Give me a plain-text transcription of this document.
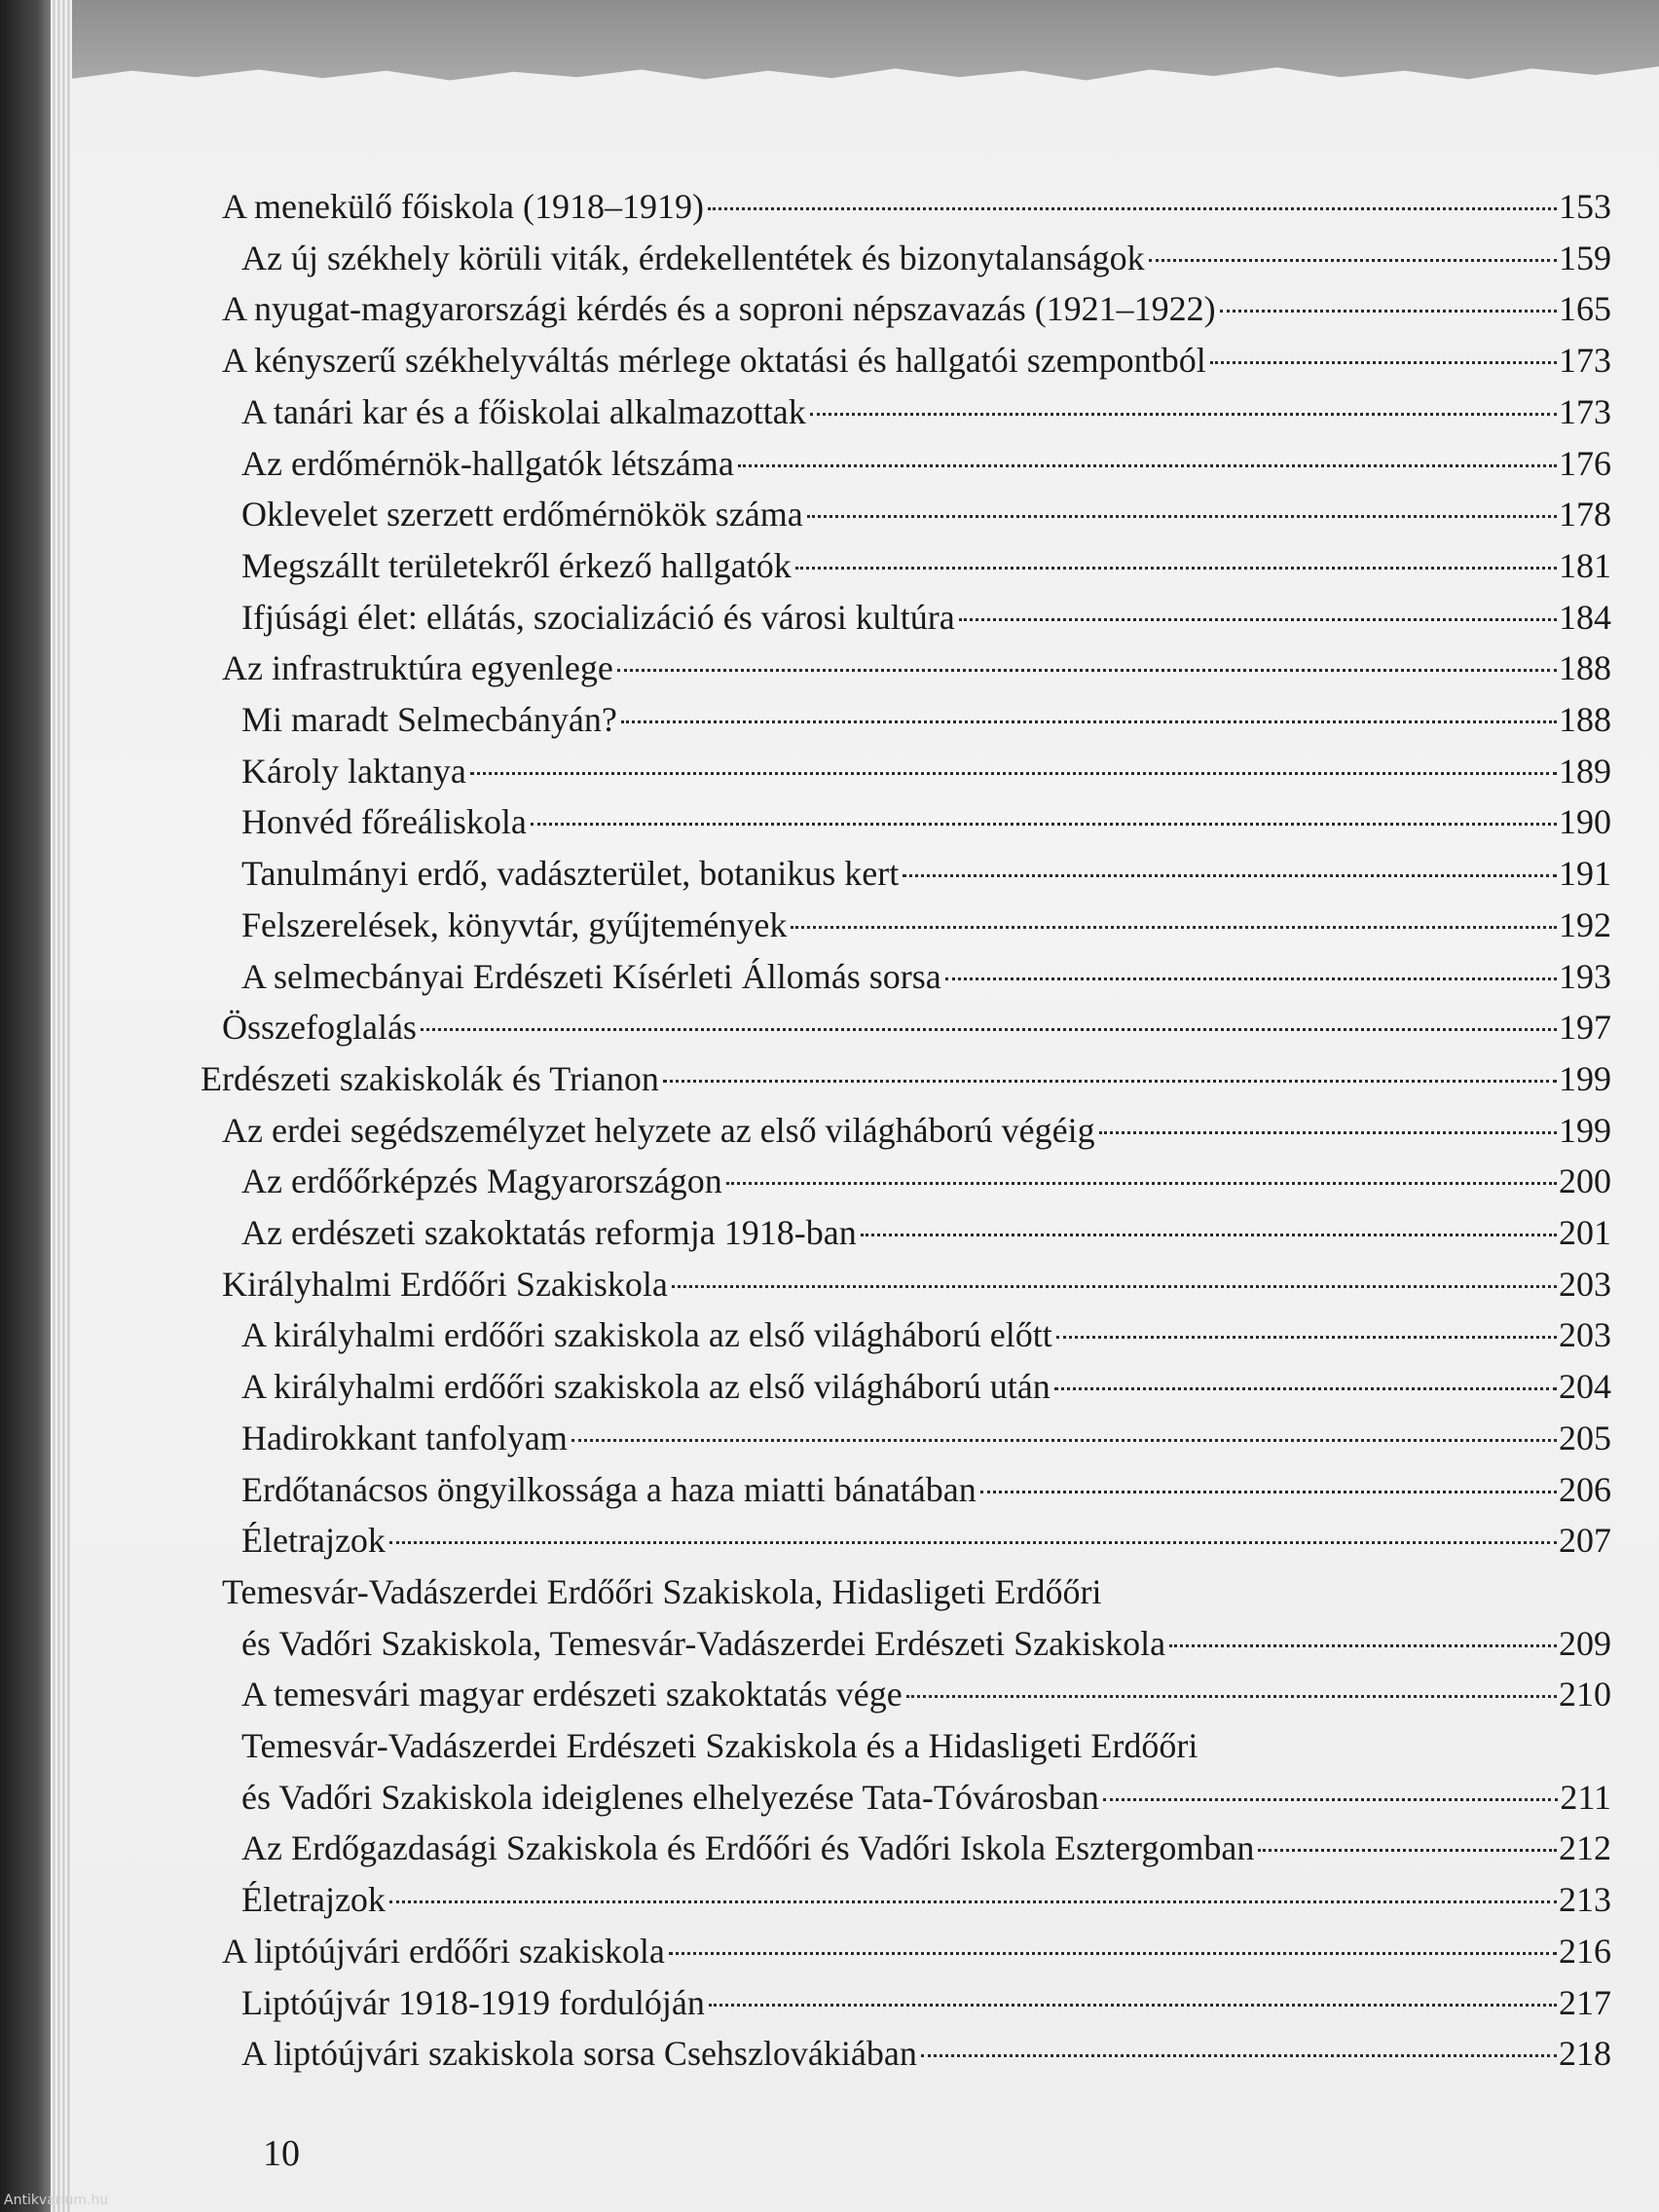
A menekülő főiskola (1918–1919)	153
Az új székhely körüli viták, érdekellentétek és bizonytalanságok	159
A nyugat-magyarországi kérdés és a soproni népszavazás (1921–1922)	165
A kényszerű székhelyváltás mérlege oktatási és hallgatói szempontból	173
A tanári kar és a főiskolai alkalmazottak	173
Az erdőmérnök-hallgatók létszáma	176
Oklevelet szerzett erdőmérnökök száma	178
Megszállt területekről érkező hallgatók	181
Ifjúsági élet: ellátás, szocializáció és városi kultúra	184
Az infrastruktúra egyenlege	188
Mi maradt Selmecbányán?	188
Károly laktanya	189
Honvéd főreáliskola	190
Tanulmányi erdő, vadászterület, botanikus kert	191
Felszerelések, könyvtár, gyűjtemények	192
A selmecbányai Erdészeti Kísérleti Állomás sorsa	193
Összefoglalás	197
Erdészeti szakiskolák és Trianon	199
Az erdei segédszemélyzet helyzete az első világháború végéig	199
Az erdőőrképzés Magyarországon	200
Az erdészeti szakoktatás reformja 1918-ban	201
Királyhalmi Erdőőri Szakiskola	203
A királyhalmi erdőőri szakiskola az első világháború előtt	203
A királyhalmi erdőőri szakiskola az első világháború után	204
Hadirokkant tanfolyam	205
Erdőtanácsos öngyilkossága a haza miatti bánatában	206
Életrajzok	207
Temesvár-Vadászerdei Erdőőri Szakiskola, Hidasligeti Erdőőri
és Vadőri Szakiskola, Temesvár-Vadászerdei Erdészeti Szakiskola	209
A temesvári magyar erdészeti szakoktatás vége	210
Temesvár-Vadászerdei Erdészeti Szakiskola és a Hidasligeti Erdőőri
és Vadőri Szakiskola ideiglenes elhelyezése Tata-Tóvárosban	211
Az Erdőgazdasági Szakiskola és Erdőőri és Vadőri Iskola Esztergomban	212
Életrajzok	213
A liptóújvári erdőőri szakiskola	216
Liptóújvár 1918-1919 fordulóján	217
A liptóújvári szakiskola sorsa Csehszlovákiában	218
10
Antikvarium.hu
